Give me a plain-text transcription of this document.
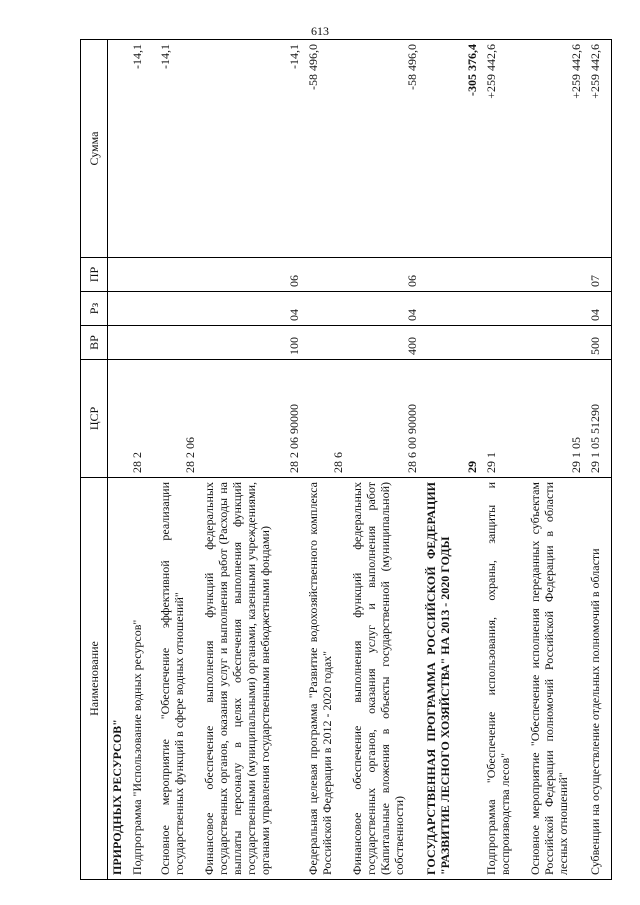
613
Наименование	ЦСР	ВР	Рз	ПР	Сумма
ПРИРОДНЫХ РЕСУРСОВ"					
Подпрограмма "Использование водных ресурсов"	28 2				-14,1
Основное мероприятие "Обеспечение эффективной реализации государственных функций в сфере водных отношений"	28 2 06				-14,1
Финансовое обеспечение выполнения функций федеральных государственных органов, оказания услуг и выполнения работ (Расходы на выплаты персоналу в целях обеспечения выполнения функций государственными (муниципальными) органами, казенными учреждениями, органами управления государственными внебюджетными фондами)	28 2 06 90000	100	04	06	-14,1
Федеральная целевая программа "Развитие водохозяйственного комплекса Российской Федерации в 2012 - 2020 годах"	28 6				-58 496,0
Финансовое обеспечение выполнения функций федеральных государственных органов, оказания услуг и выполнения работ (Капитальные вложения в объекты государственной (муниципальной) собственности)	28 6 00 90000	400	04	06	-58 496,0
ГОСУДАРСТВЕННАЯ ПРОГРАММА РОССИЙСКОЙ ФЕДЕРАЦИИ "РАЗВИТИЕ ЛЕСНОГО ХОЗЯЙСТВА" НА 2013 - 2020 ГОДЫ	29				-305 376,4
Подпрограмма "Обеспечение использования, охраны, защиты и воспроизводства лесов"	29 1				+259 442,6
Основное мероприятие "Обеспечение исполнения переданных субъектам Российской Федерации полномочий Российской Федерации в области лесных отношений"	29 1 05				+259 442,6
Субвенции на осуществление отдельных полномочий в области	29 1 05 51290	500	04	07	+259 442,6
